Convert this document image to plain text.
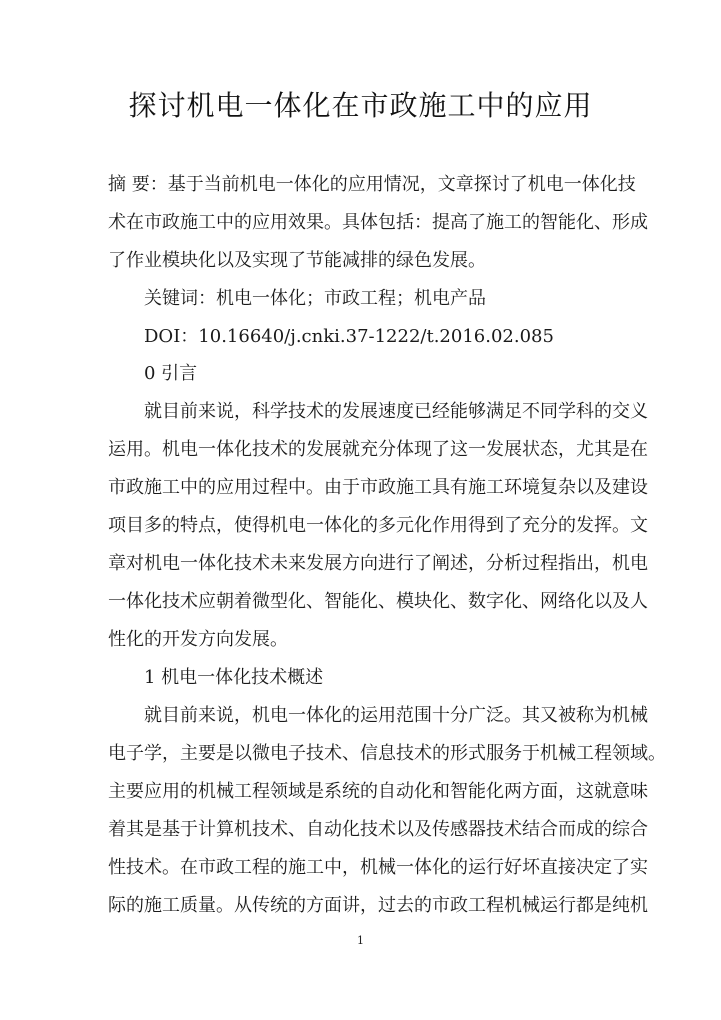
探讨机电一体化在市政施工中的应用
摘 要：基于当前机电一体化的应用情况，文章探讨了机电一体化技
术在市政施工中的应用效果。具体包括：提高了施工的智能化、形成
了作业模块化以及实现了节能减排的绿色发展。
关键词：机电一体化；市政工程；机电产品
DOI：10.16640/j.cnki.37-1222/t.2016.02.085
0 引言
就目前来说，科学技术的发展速度已经能够满足不同学科的交义
运用。机电一体化技术的发展就充分体现了这一发展状态，尤其是在
市政施工中的应用过程中。由于市政施工具有施工环境复杂以及建设
项目多的特点，使得机电一体化的多元化作用得到了充分的发挥。文
章对机电一体化技术未来发展方向进行了阐述，分析过程指出，机电
一体化技术应朝着微型化、智能化、模块化、数字化、网络化以及人
性化的开发方向发展。
1 机电一体化技术概述
就目前来说，机电一体化的运用范围十分广泛。其又被称为机械
电子学，主要是以微电子技术、信息技术的形式服务于机械工程领域。
主要应用的机械工程领域是系统的自动化和智能化两方面，这就意味
着其是基于计算机技术、自动化技术以及传感器技术结合而成的综合
性技术。在市政工程的施工中，机械一体化的运行好坏直接决定了实
际的施工质量。从传统的方面讲，过去的市政工程机械运行都是纯机
1
